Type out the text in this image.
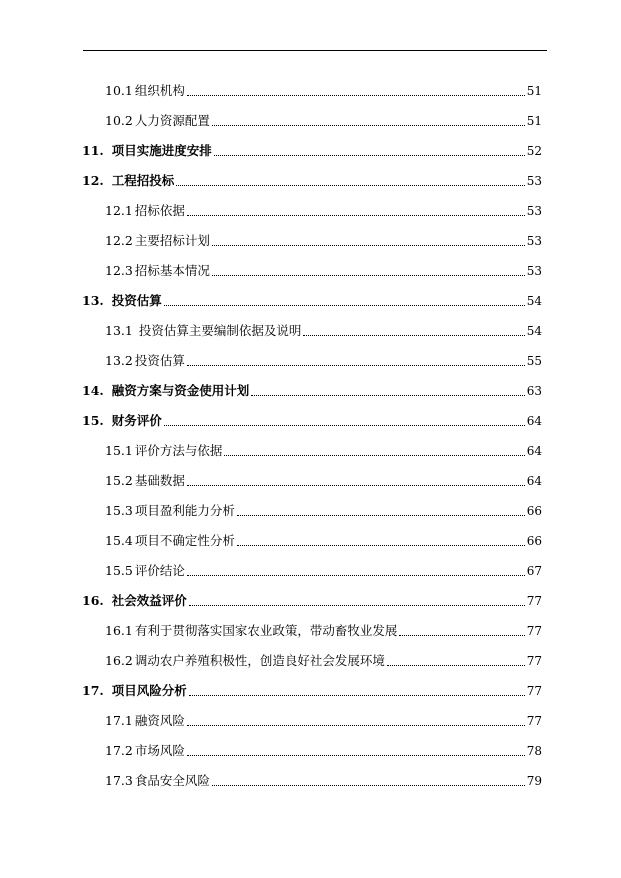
10.1 组织机构	51
10.2 人力资源配置	51
11. 项目实施进度安排	52
12. 工程招投标	53
12.1 招标依据	53
12.2 主要招标计划	53
12.3 招标基本情况	53
13. 投资估算	54
13.1 投资估算主要编制依据及说明	54
13.2 投资估算	55
14. 融资方案与资金使用计划	63
15. 财务评价	64
15.1 评价方法与依据	64
15.2 基础数据	64
15.3 项目盈利能力分析	66
15.4 项目不确定性分析	66
15.5 评价结论	67
16. 社会效益评价	77
16.1 有利于贯彻落实国家农业政策，带动畜牧业发展	77
16.2 调动农户养殖积极性，创造良好社会发展环境	77
17. 项目风险分析	77
17.1 融资风险	77
17.2 市场风险	78
17.3 食品安全风险	79
